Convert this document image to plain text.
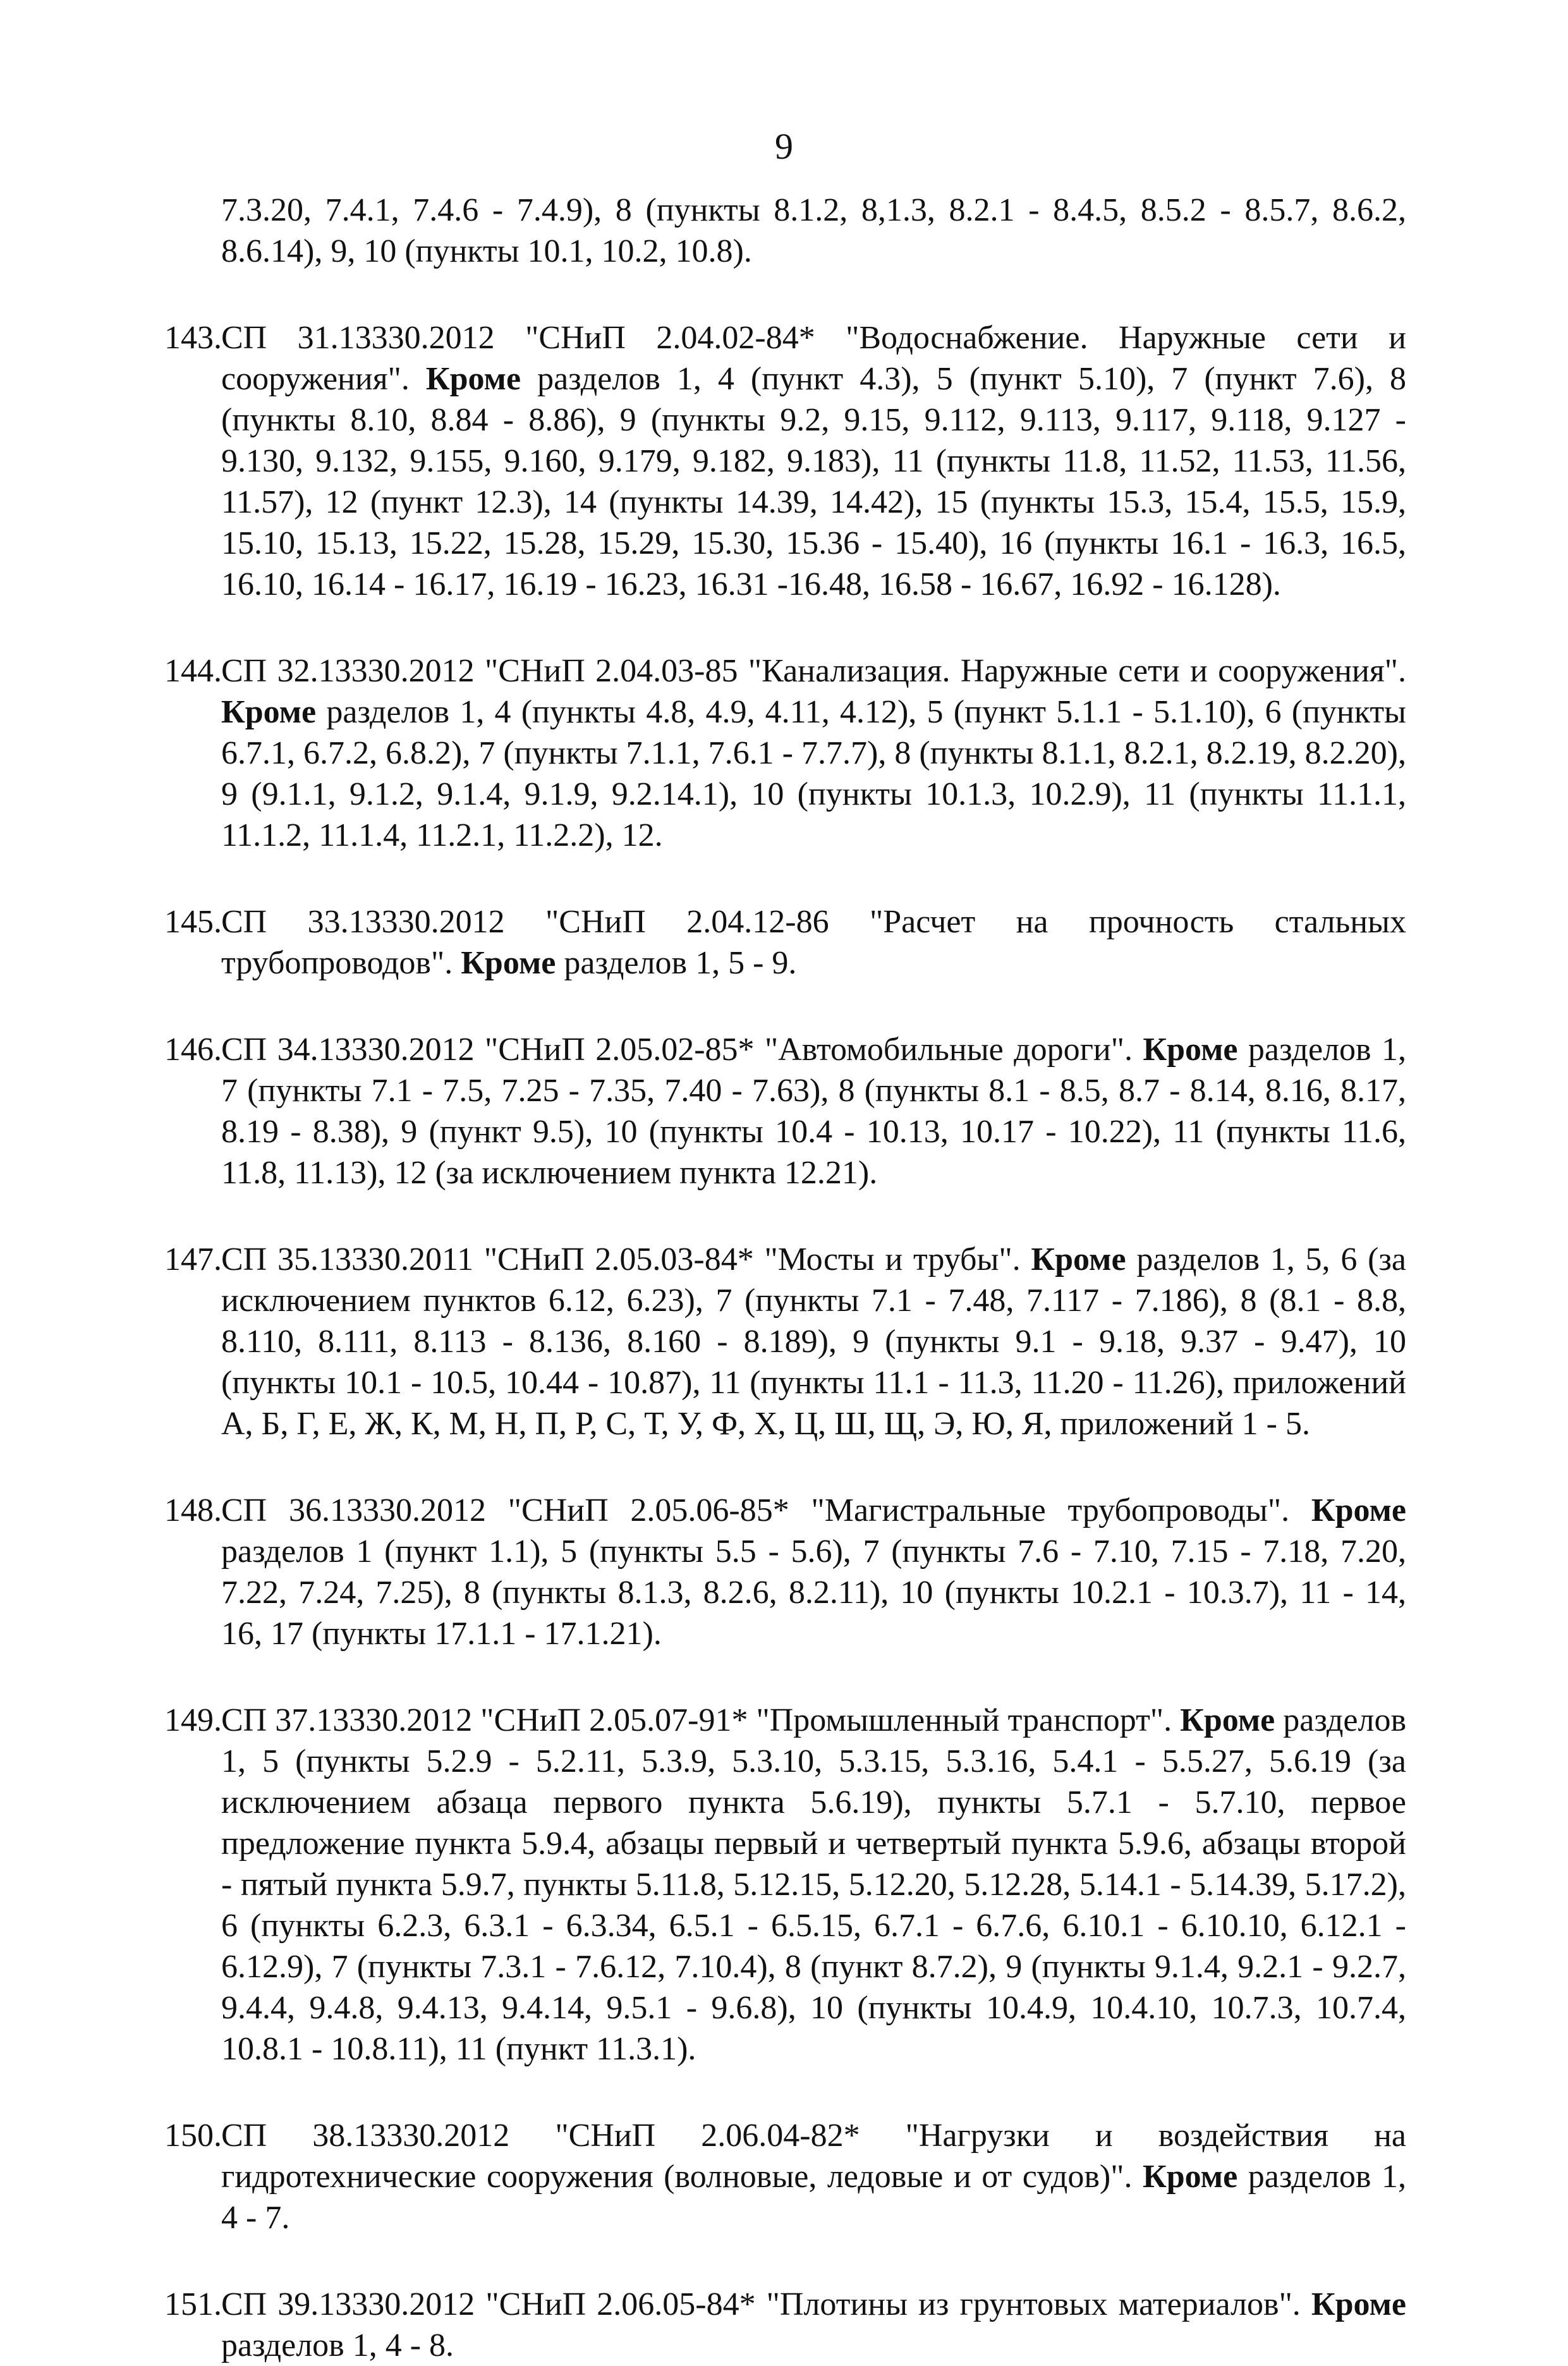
9

7.3.20, 7.4.1, 7.4.6 - 7.4.9), 8 (пункты 8.1.2, 8,1.3, 8.2.1 - 8.4.5, 8.5.2 - 8.5.7, 8.6.2, 8.6.14), 9, 10 (пункты 10.1, 10.2, 10.8).

143. СП 31.13330.2012 "СНиП 2.04.02-84* "Водоснабжение. Наружные сети и сооружения". Кроме разделов 1, 4 (пункт 4.3), 5 (пункт 5.10), 7 (пункт 7.6), 8 (пункты 8.10, 8.84 - 8.86), 9 (пункты 9.2, 9.15, 9.112, 9.113, 9.117, 9.118, 9.127 - 9.130, 9.132, 9.155, 9.160, 9.179, 9.182, 9.183), 11 (пункты 11.8, 11.52, 11.53, 11.56, 11.57), 12 (пункт 12.3), 14 (пункты 14.39, 14.42), 15 (пункты 15.3, 15.4, 15.5, 15.9, 15.10, 15.13, 15.22, 15.28, 15.29, 15.30, 15.36 - 15.40), 16 (пункты 16.1 - 16.3, 16.5, 16.10, 16.14 - 16.17, 16.19 - 16.23, 16.31 -16.48, 16.58 - 16.67, 16.92 - 16.128).
144. СП 32.13330.2012 "СНиП 2.04.03-85 "Канализация. Наружные сети и сооружения". Кроме разделов 1, 4 (пункты 4.8, 4.9, 4.11, 4.12), 5 (пункт 5.1.1 - 5.1.10), 6 (пункты 6.7.1, 6.7.2, 6.8.2), 7 (пункты 7.1.1, 7.6.1 - 7.7.7), 8 (пункты 8.1.1, 8.2.1, 8.2.19, 8.2.20), 9 (9.1.1, 9.1.2, 9.1.4, 9.1.9, 9.2.14.1), 10 (пункты 10.1.3, 10.2.9), 11 (пункты 11.1.1, 11.1.2, 11.1.4, 11.2.1, 11.2.2), 12.
145. СП 33.13330.2012 "СНиП 2.04.12-86 "Расчет на прочность стальных трубопроводов". Кроме разделов 1, 5 - 9.
146. СП 34.13330.2012 "СНиП 2.05.02-85* "Автомобильные дороги". Кроме разделов 1, 7 (пункты 7.1 - 7.5, 7.25 - 7.35, 7.40 - 7.63), 8 (пункты 8.1 - 8.5, 8.7 - 8.14, 8.16, 8.17, 8.19 - 8.38), 9 (пункт 9.5), 10 (пункты 10.4 - 10.13, 10.17 - 10.22), 11 (пункты 11.6, 11.8, 11.13), 12 (за исключением пункта 12.21).
147. СП 35.13330.2011 "СНиП 2.05.03-84* "Мосты и трубы". Кроме разделов 1, 5, 6 (за исключением пунктов 6.12, 6.23), 7 (пункты 7.1 - 7.48, 7.117 - 7.186), 8 (8.1 - 8.8, 8.110, 8.111, 8.113 - 8.136, 8.160 - 8.189), 9 (пункты 9.1 - 9.18, 9.37 - 9.47), 10 (пункты 10.1 - 10.5, 10.44 - 10.87), 11 (пункты 11.1 - 11.3, 11.20 - 11.26), приложений А, Б, Г, Е, Ж, К, М, Н, П, Р, С, Т, У, Ф, Х, Ц, Ш, Щ, Э, Ю, Я, приложений 1 - 5.
148. СП 36.13330.2012 "СНиП 2.05.06-85* "Магистральные трубопроводы". Кроме разделов 1 (пункт 1.1), 5 (пункты 5.5 - 5.6), 7 (пункты 7.6 - 7.10, 7.15 - 7.18, 7.20, 7.22, 7.24, 7.25), 8 (пункты 8.1.3, 8.2.6, 8.2.11), 10 (пункты 10.2.1 - 10.3.7), 11 - 14, 16, 17 (пункты 17.1.1 - 17.1.21).
149. СП 37.13330.2012 "СНиП 2.05.07-91* "Промышленный транспорт". Кроме разделов 1, 5 (пункты 5.2.9 - 5.2.11, 5.3.9, 5.3.10, 5.3.15, 5.3.16, 5.4.1 - 5.5.27, 5.6.19 (за исключением абзаца первого пункта 5.6.19), пункты 5.7.1 - 5.7.10, первое предложение пункта 5.9.4, абзацы первый и четвертый пункта 5.9.6, абзацы второй - пятый пункта 5.9.7, пункты 5.11.8, 5.12.15, 5.12.20, 5.12.28, 5.14.1 - 5.14.39, 5.17.2), 6 (пункты 6.2.3, 6.3.1 - 6.3.34, 6.5.1 - 6.5.15, 6.7.1 - 6.7.6, 6.10.1 - 6.10.10, 6.12.1 - 6.12.9), 7 (пункты 7.3.1 - 7.6.12, 7.10.4), 8 (пункт 8.7.2), 9 (пункты 9.1.4, 9.2.1 - 9.2.7, 9.4.4, 9.4.8, 9.4.13, 9.4.14, 9.5.1 - 9.6.8), 10 (пункты 10.4.9, 10.4.10, 10.7.3, 10.7.4, 10.8.1 - 10.8.11), 11 (пункт 11.3.1).
150. СП 38.13330.2012 "СНиП 2.06.04-82* "Нагрузки и воздействия на гидротехнические сооружения (волновые, ледовые и от судов)". Кроме разделов 1, 4 - 7.
151. СП 39.13330.2012 "СНиП 2.06.05-84* "Плотины из грунтовых материалов". Кроме разделов 1, 4 - 8.
